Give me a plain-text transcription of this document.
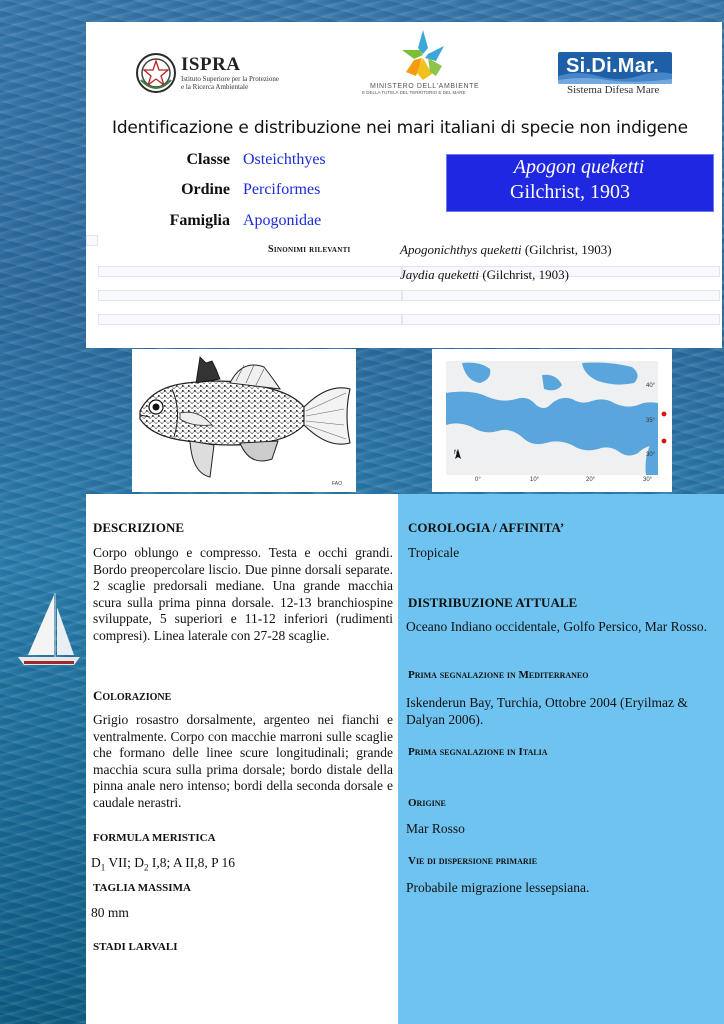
ISPRA
Istituto Superiore per la Protezione
e la Ricerca Ambientale	MINISTERO DELL'AMBIENTE
E DELLA TUTELA DEL TERRITORIO E DEL MARE
Si.Di.Mar.
Sistema Difesa Mare
Identificazione e distribuzione nei mari italiani di specie non indigene
Classe Osteichthyes
Ordine Perciformes
Famiglia Apogonidae
Apogon queketti
Gilchrist, 1903
Sinonimi rilevanti	Apogonichthys queketti (Gilchrist, 1903)
Jaydia queketti (Gilchrist, 1903)
FAO
N
40°
35°
30°
0°	10°	20°	30°
DESCRIZIONE
Corpo oblungo e compresso. Testa e occhi grandi. Bordo preopercolare liscio. Due pinne dorsali separate. 2 scaglie predorsali mediane. Una grande macchia scura sulla prima pinna dorsale. 12-13 branchiospine sviluppate, 5 superiori e 11-12 inferiori (rudimenti compresi). Linea laterale con 27-28 scaglie.
COLORAZIONE
Grigio rosastro dorsalmente, argenteo nei fianchi e ventralmente. Corpo con macchie marroni sulle scaglie che formano delle linee scure longitudinali; grande macchia scura sulla prima dorsale; bordo distale della pinna anale nero intenso; bordi della seconda dorsale e caudale nerastri.
FORMULA MERISTICA
$D_1$ VII; $D_2$ I,8; A II,8, P 16
TAGLIA MASSIMA
80 mm
STADI LARVALI
COROLOGIA / AFFINITA’
Tropicale
DISTRIBUZIONE ATTUALE
Oceano Indiano occidentale, Golfo Persico, Mar Rosso.
Prima segnalazione in Mediterraneo
Iskenderun Bay, Turchia, Ottobre 2004 (Eryilmaz & Dalyan 2006).
Prima segnalazione in Italia
Origine
Mar Rosso
Vie di dispersione primarie
Probabile migrazione lessepsiana.
